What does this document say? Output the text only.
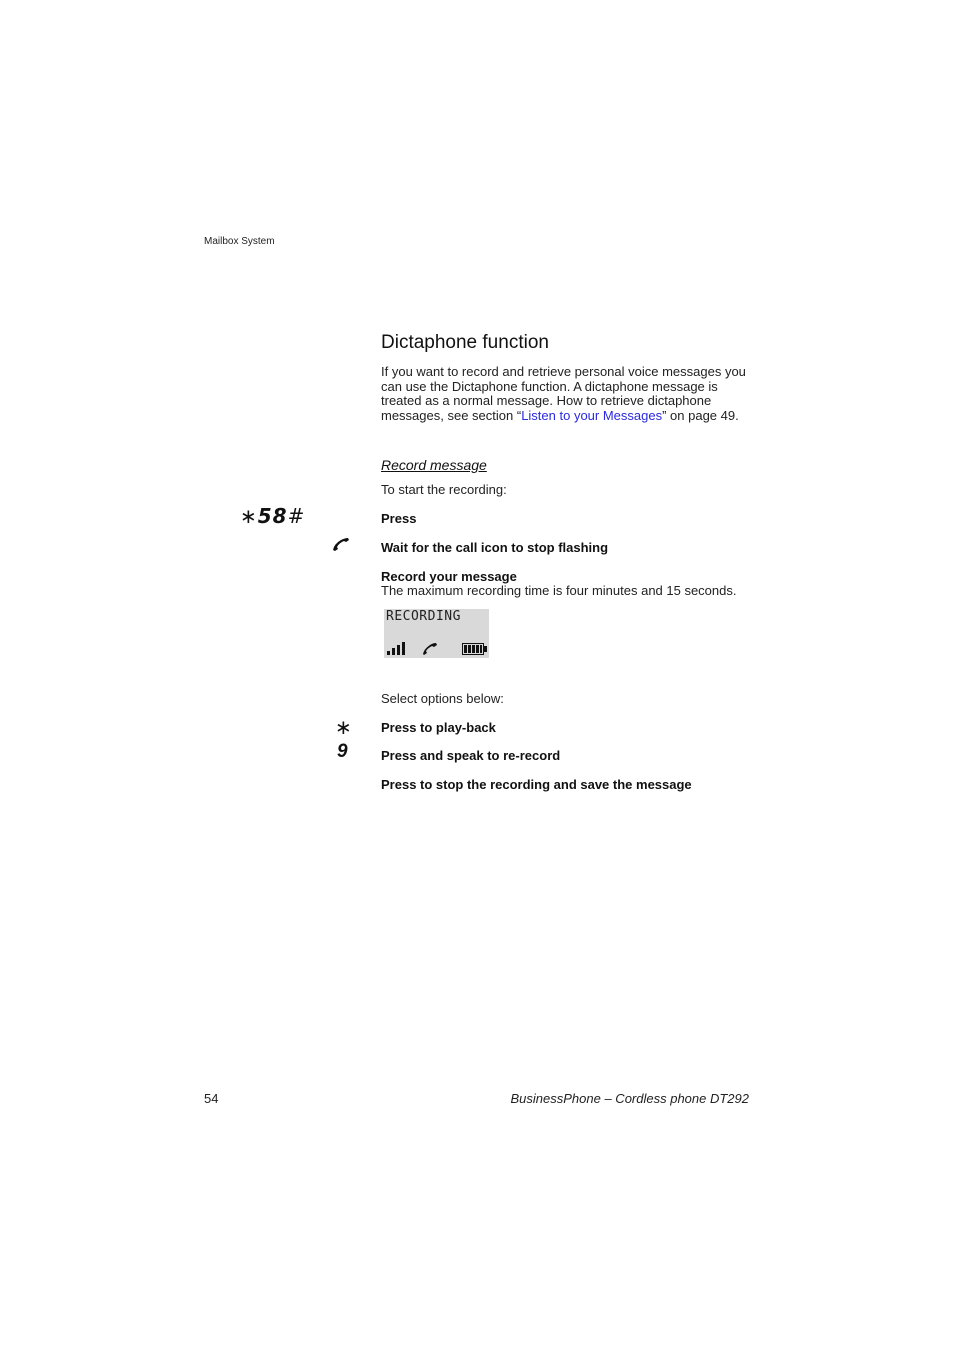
Mailbox System
Dictaphone function
If you want to record and retrieve personal voice messages you can use the Dictaphone function. A dictaphone message is treated as a normal message. How to retrieve dictaphone messages, see section “Listen to your Messages” on page 49.
Record message
To start the recording:
∗58#	Press
Wait for the call icon to stop flashing
Record your message
The maximum recording time is four minutes and 15 seconds.
RECORDING
Select options below:
∗ Press to play-back
9	Press and speak to re-record
Press to stop the recording and save the message
54	BusinessPhone – Cordless phone DT292
